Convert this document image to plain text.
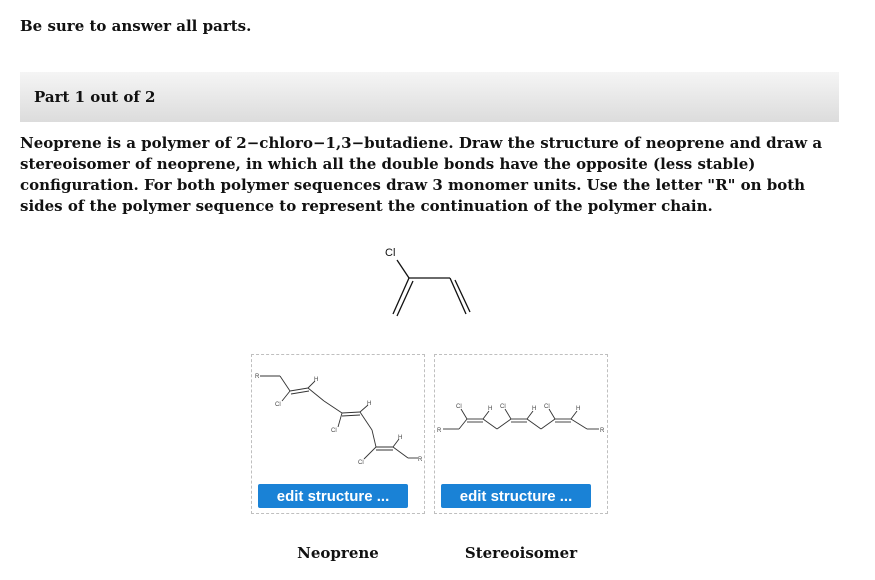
Be sure to answer all parts.
Part 1 out of 2
Neoprene is a polymer of 2−chloro−1,3−butadiene. Draw the structure of neoprene and draw a stereoisomer of neoprene, in which all the double bonds have the opposite (less stable) configuration. For both polymer sequences draw 3 monomer units. Use the letter "R" on both sides of the polymer sequence to represent the continuation of the polymer chain.
Cl
R
Cl
H
Cl
H
Cl
H
R
edit structure ...
R
Cl	H Cl	H Cl	H
R
edit structure ...
Neoprene	Stereoisomer
